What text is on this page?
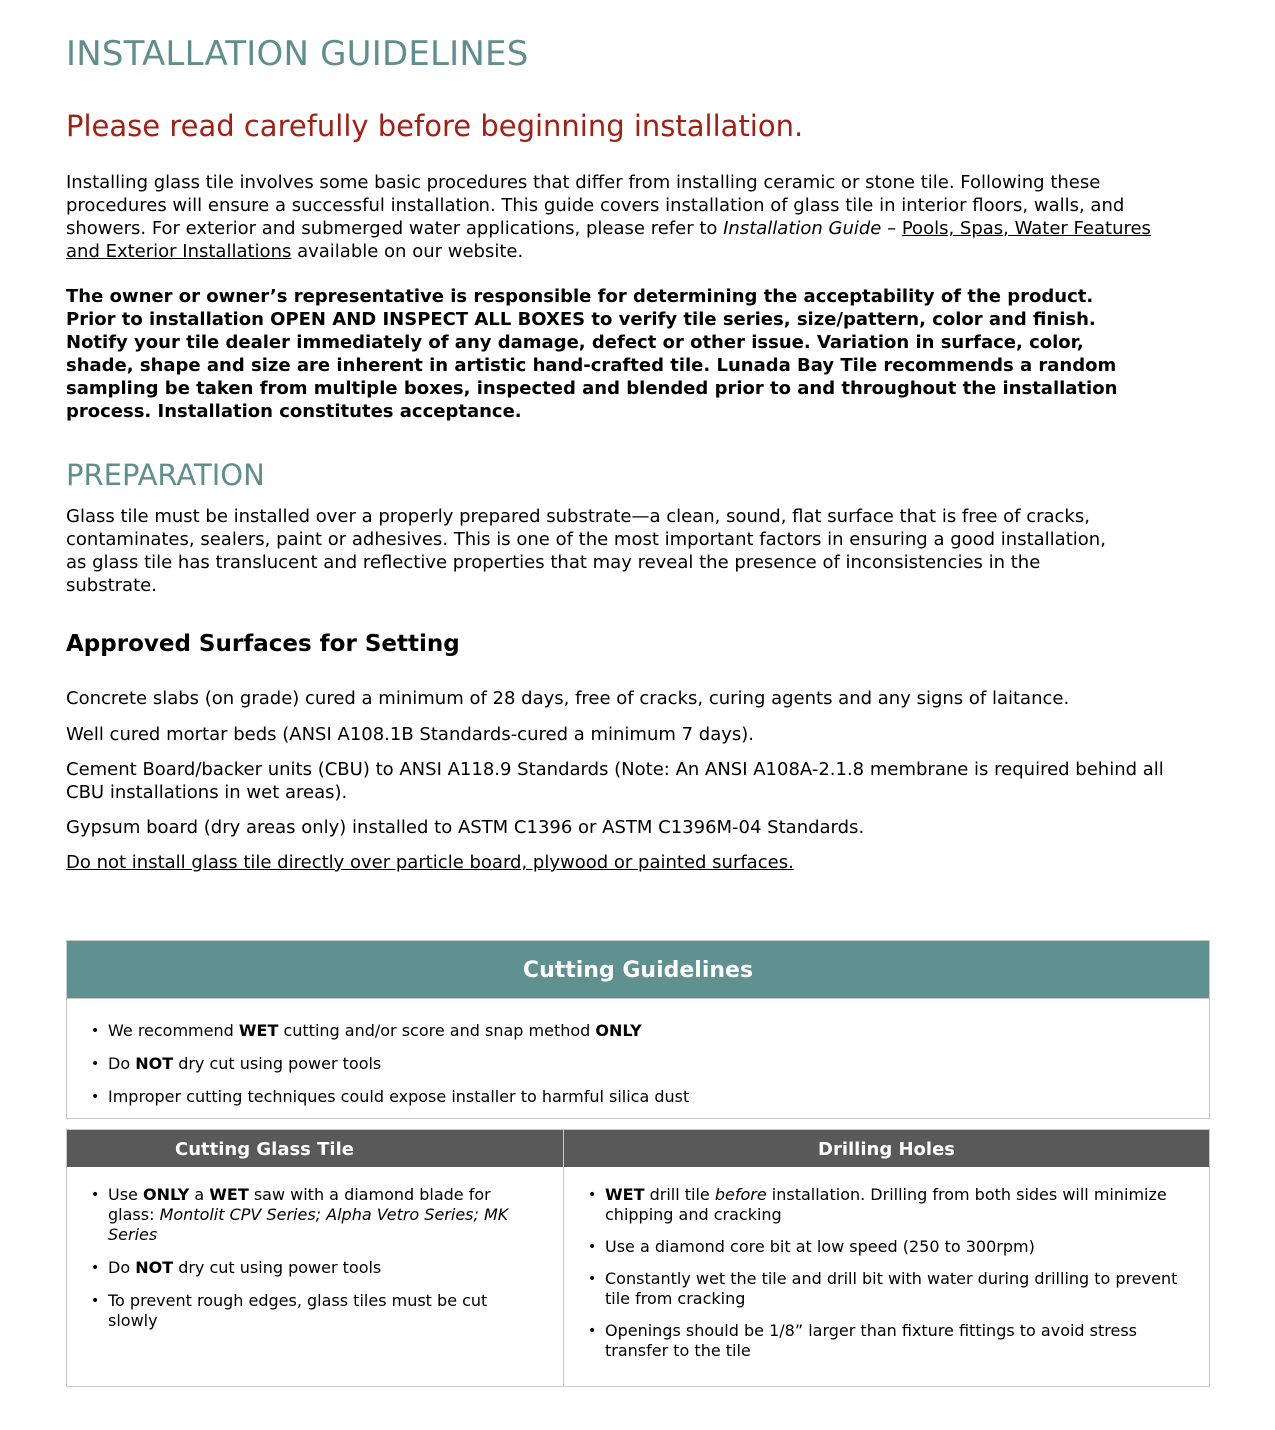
INSTALLATION GUIDELINES
Please read carefully before beginning installation.

Installing glass tile involves some basic procedures that differ from installing ceramic or stone tile. Following these procedures will ensure a successful installation. This guide covers installation of glass tile in interior floors, walls, and showers. For exterior and submerged water applications, please refer to Installation Guide – Pools, Spas, Water Features and Exterior Installations available on our website.

The owner or owner’s representative is responsible for determining the acceptability of the product. Prior to installation OPEN AND INSPECT ALL BOXES to verify tile series, size/pattern, color and finish. Notify your tile dealer immediately of any damage, defect or other issue. Variation in surface, color, shade, shape and size are inherent in artistic hand-crafted tile. Lunada Bay Tile recommends a random sampling be taken from multiple boxes, inspected and blended prior to and throughout the installation process. Installation constitutes acceptance.

PREPARATION

Glass tile must be installed over a properly prepared substrate—a clean, sound, flat surface that is free of cracks, contaminates, sealers, paint or adhesives. This is one of the most important factors in ensuring a good installation, as glass tile has translucent and reflective properties that may reveal the presence of inconsistencies in the substrate.

Approved Surfaces for Setting

Concrete slabs (on grade) cured a minimum of 28 days, free of cracks, curing agents and any signs of laitance.

Well cured mortar beds (ANSI A108.1B Standards-cured a minimum 7 days).

Cement Board/backer units (CBU) to ANSI A118.9 Standards (Note: An ANSI A108A-2.1.8 membrane is required behind all CBU installations in wet areas).

Gypsum board (dry areas only) installed to ASTM C1396 or ASTM C1396M-04 Standards.

Do not install glass tile directly over particle board, plywood or painted surfaces.

Cutting Guidelines
• We recommend WET cutting and/or score and snap method ONLY
• Do NOT dry cut using power tools
• Improper cutting techniques could expose installer to harmful silica dust
Cutting Glass Tile
• Use ONLY a WET saw with a diamond blade for glass: Montolit CPV Series; Alpha Vetro Series; MK Series
• Do NOT dry cut using power tools
• To prevent rough edges, glass tiles must be cut slowly
Drilling Holes
• WET drill tile before installation. Drilling from both sides will minimize chipping and cracking
• Use a diamond core bit at low speed (250 to 300rpm)
• Constantly wet the tile and drill bit with water during drilling to prevent tile from cracking
• Openings should be 1/8” larger than fixture fittings to avoid stress transfer to the tile
